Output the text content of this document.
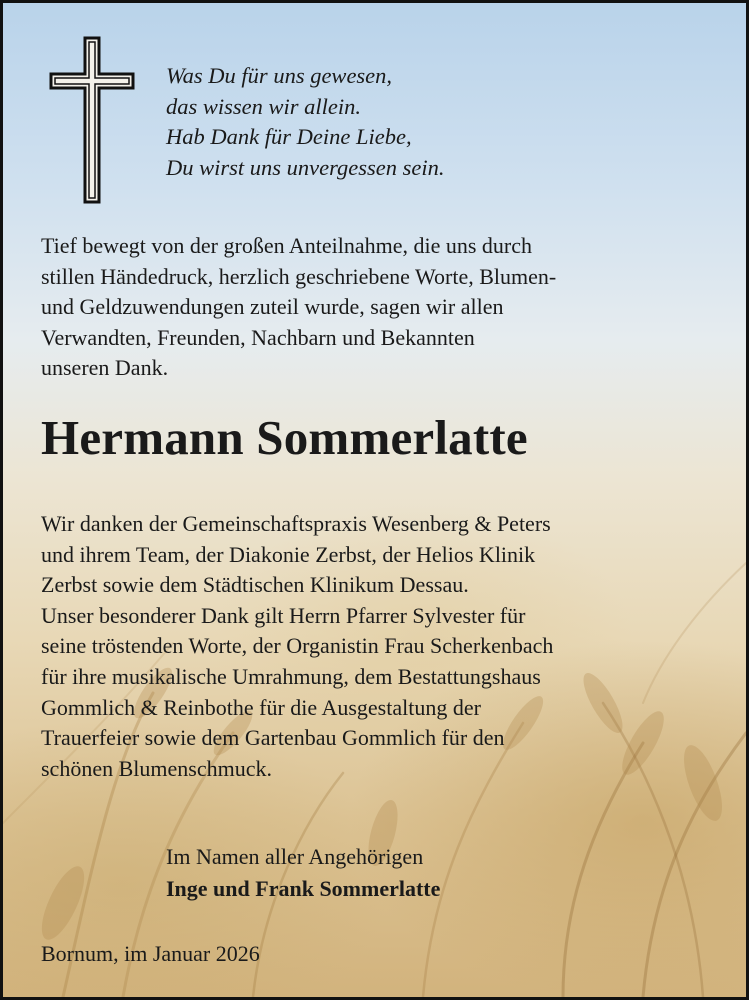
Was Du für uns gewesen,
das wissen wir allein.
Hab Dank für Deine Liebe,
Du wirst uns unvergessen sein.
Tief bewegt von der großen Anteilnahme, die uns durch
stillen Händedruck, herzlich geschriebene Worte, Blumen-
und Geldzuwendungen zuteil wurde, sagen wir allen
Verwandten, Freunden, Nachbarn und Bekannten
unseren Dank.
Hermann Sommerlatte
Wir danken der Gemeinschaftspraxis Wesenberg & Peters
und ihrem Team, der Diakonie Zerbst, der Helios Klinik
Zerbst sowie dem Städtischen Klinikum Dessau.
Unser besonderer Dank gilt Herrn Pfarrer Sylvester für
seine tröstenden Worte, der Organistin Frau Scherkenbach
für ihre musikalische Umrahmung, dem Bestattungshaus
Gommlich & Reinbothe für die Ausgestaltung der
Trauerfeier sowie dem Gartenbau Gommlich für den
schönen Blumenschmuck.
Im Namen aller Angehörigen
Inge und Frank Sommerlatte
Bornum, im Januar 2026
